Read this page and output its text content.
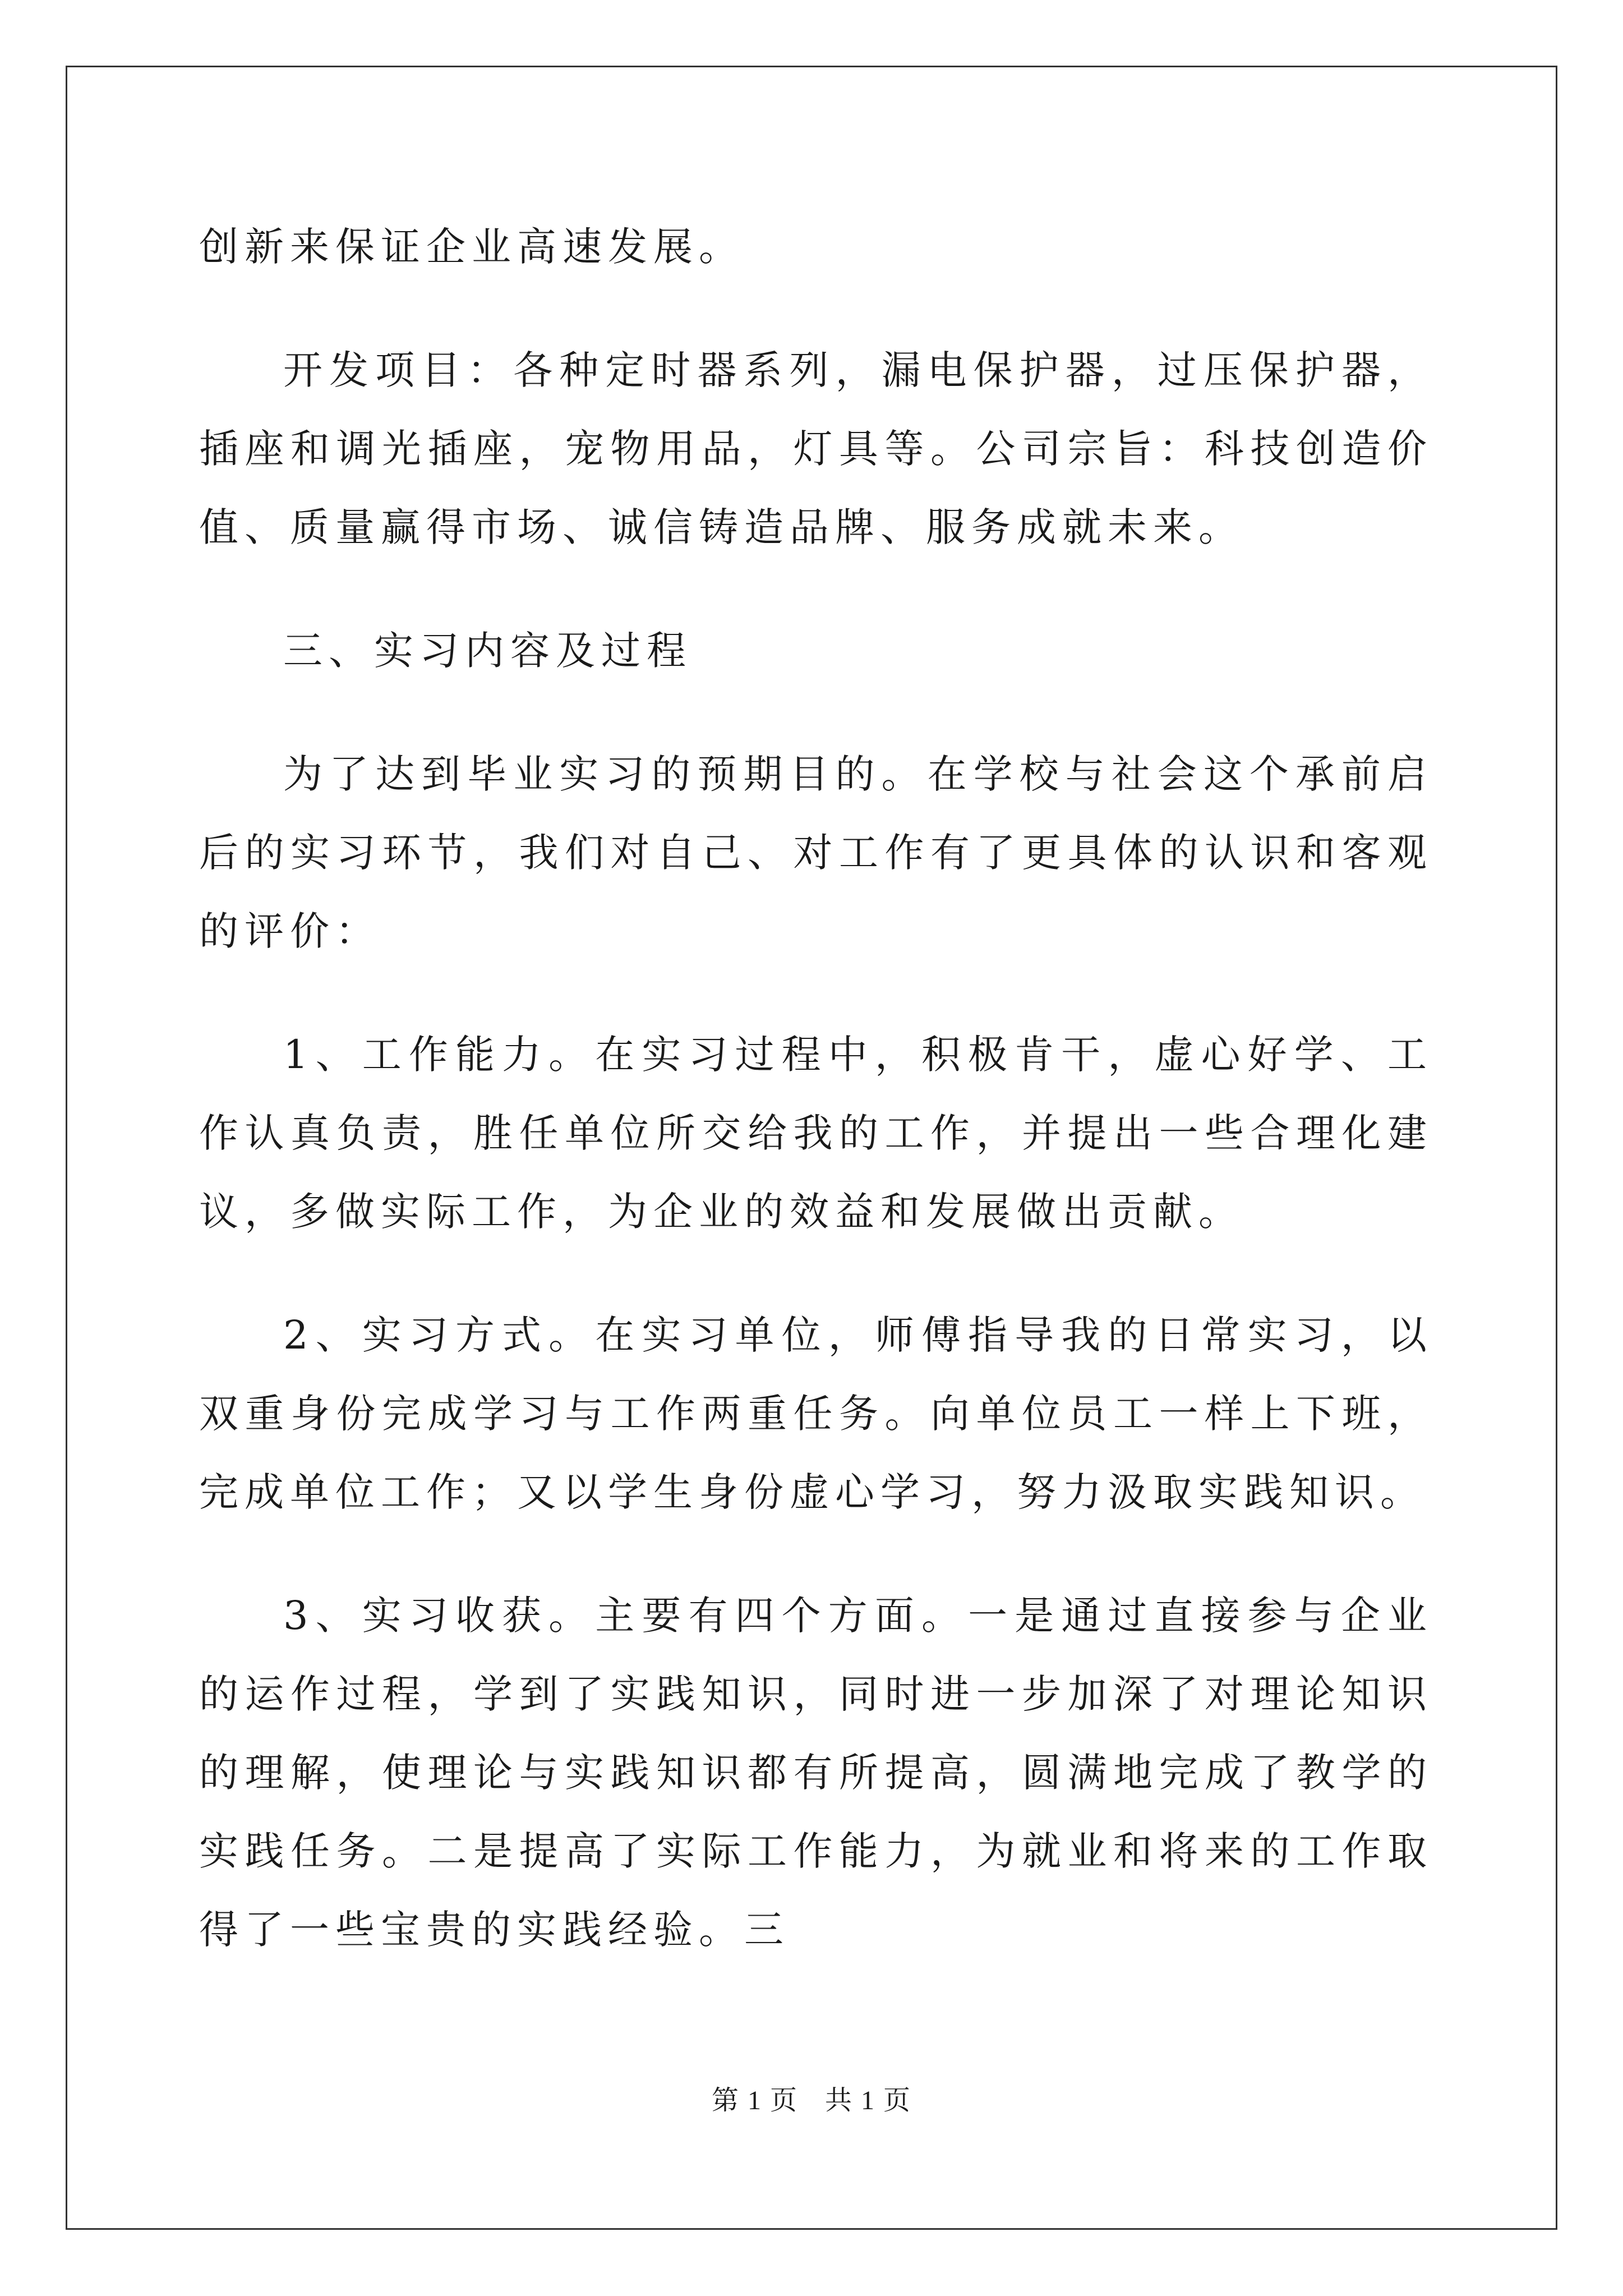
创新来保证企业高速发展。

开发项目：各种定时器系列，漏电保护器，过压保护器，插座和调光插座，宠物用品，灯具等。公司宗旨：科技创造价值、质量赢得市场、诚信铸造品牌、服务成就未来。

三、实习内容及过程

为了达到毕业实习的预期目的。在学校与社会这个承前启后的实习环节，我们对自己、对工作有了更具体的认识和客观的评价：

1、工作能力。在实习过程中，积极肯干，虚心好学、工作认真负责，胜任单位所交给我的工作，并提出一些合理化建议，多做实际工作，为企业的效益和发展做出贡献。

2、实习方式。在实习单位，师傅指导我的日常实习，以双重身份完成学习与工作两重任务。向单位员工一样上下班，完成单位工作；又以学生身份虚心学习，努力汲取实践知识。

3、实习收获。主要有四个方面。一是通过直接参与企业的运作过程，学到了实践知识，同时进一步加深了对理论知识的理解，使理论与实践知识都有所提高，圆满地完成了教学的实践任务。二是提高了实际工作能力，为就业和将来的工作取得了一些宝贵的实践经验。三

第 1 页 共 1 页
